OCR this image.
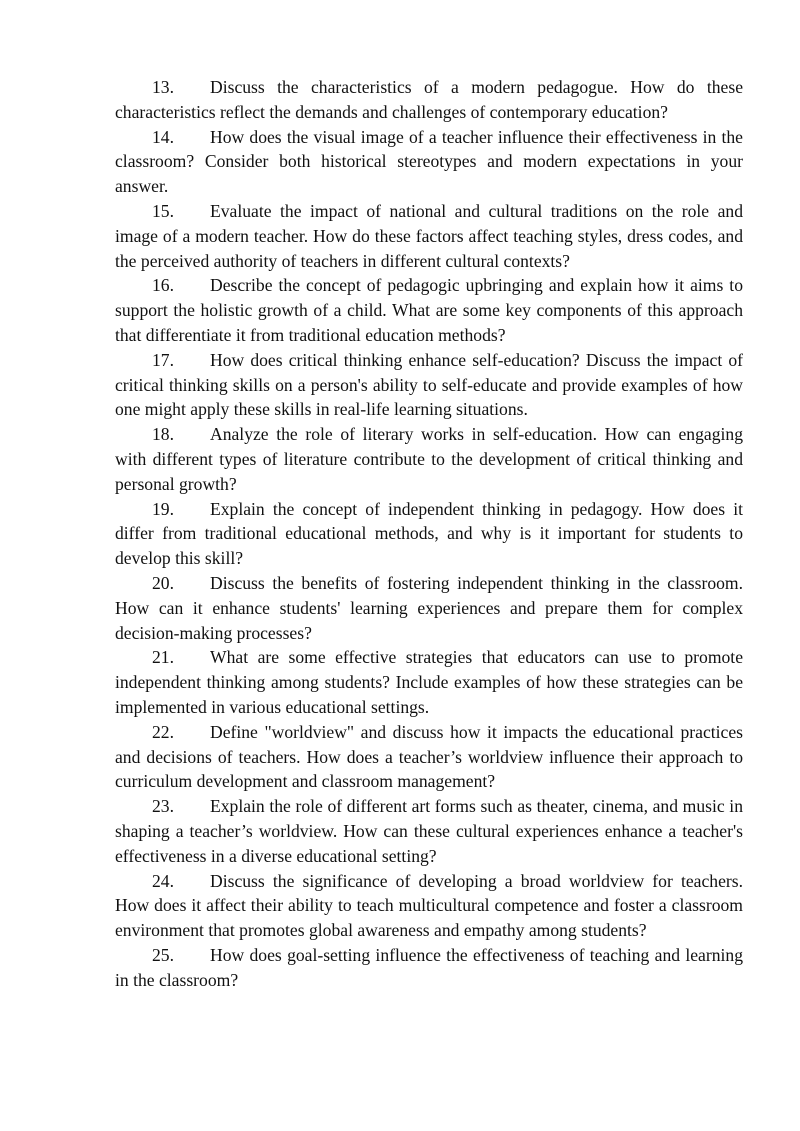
13. Discuss the characteristics of a modern pedagogue. How do these characteristics reflect the demands and challenges of contemporary education?

14. How does the visual image of a teacher influence their effectiveness in the classroom? Consider both historical stereotypes and modern expectations in your answer.

15. Evaluate the impact of national and cultural traditions on the role and image of a modern teacher. How do these factors affect teaching styles, dress codes, and the perceived authority of teachers in different cultural contexts?

16. Describe the concept of pedagogic upbringing and explain how it aims to support the holistic growth of a child. What are some key components of this approach that differentiate it from traditional education methods?

17. How does critical thinking enhance self-education? Discuss the impact of critical thinking skills on a person's ability to self-educate and provide examples of how one might apply these skills in real-life learning situations.

18. Analyze the role of literary works in self-education. How can engaging with different types of literature contribute to the development of critical thinking and personal growth?

19. Explain the concept of independent thinking in pedagogy. How does it differ from traditional educational methods, and why is it important for students to develop this skill?

20. Discuss the benefits of fostering independent thinking in the classroom. How can it enhance students' learning experiences and prepare them for complex decision-making processes?

21. What are some effective strategies that educators can use to promote independent thinking among students? Include examples of how these strategies can be implemented in various educational settings.

22. Define "worldview" and discuss how it impacts the educational practices and decisions of teachers. How does a teacher’s worldview influence their approach to curriculum development and classroom management?

23. Explain the role of different art forms such as theater, cinema, and music in shaping a teacher’s worldview. How can these cultural experiences enhance a teacher's effectiveness in a diverse educational setting?

24. Discuss the significance of developing a broad worldview for teachers. How does it affect their ability to teach multicultural competence and foster a classroom environment that promotes global awareness and empathy among students?

25. How does goal-setting influence the effectiveness of teaching and learning in the classroom?
